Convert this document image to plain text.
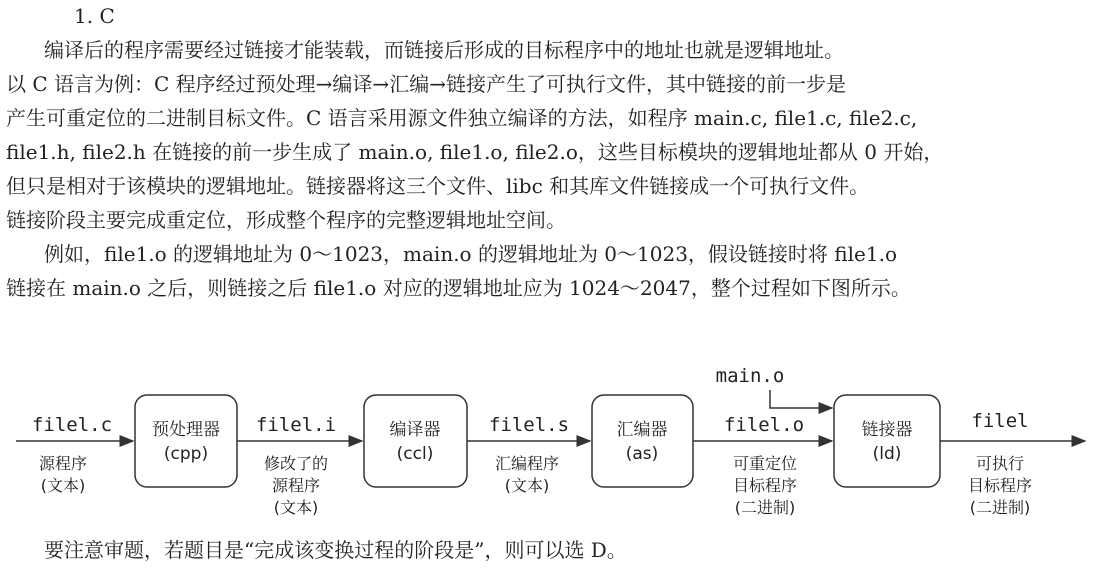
1. C
编译后的程序需要经过链接才能装载，而链接后形成的目标程序中的地址也就是逻辑地址。
以 C 语言为例：C 程序经过预处理→编译→汇编→链接产生了可执行文件，其中链接的前一步是
产生可重定位的二进制目标文件。C 语言采用源文件独立编译的方法，如程序 main.c, file1.c, file2.c,
file1.h, file2.h 在链接的前一步生成了 main.o, file1.o, file2.o，这些目标模块的逻辑地址都从 0 开始，
但只是相对于该模块的逻辑地址。链接器将这三个文件、libc 和其库文件链接成一个可执行文件。
链接阶段主要完成重定位，形成整个程序的完整逻辑地址空间。
例如，file1.o 的逻辑地址为 0～1023，main.o 的逻辑地址为 0～1023，假设链接时将 file1.o
链接在 main.o 之后，则链接之后 file1.o 对应的逻辑地址应为 1024～2047，整个过程如下图所示。
main.o
预处理器
(cpp)
编译器
(ccl)
汇编器
(as)
链接器
(ld)
filel.c	filel.i	filel.s	filel.o	filel
源程序
(文本)
修改了的
源程序
(文本)
汇编程序
(文本)
可重定位
目标程序
(二进制)
可执行
目标程序
(二进制)
要注意审题，若题目是“完成该变换过程的阶段是”，则可以选 D。
